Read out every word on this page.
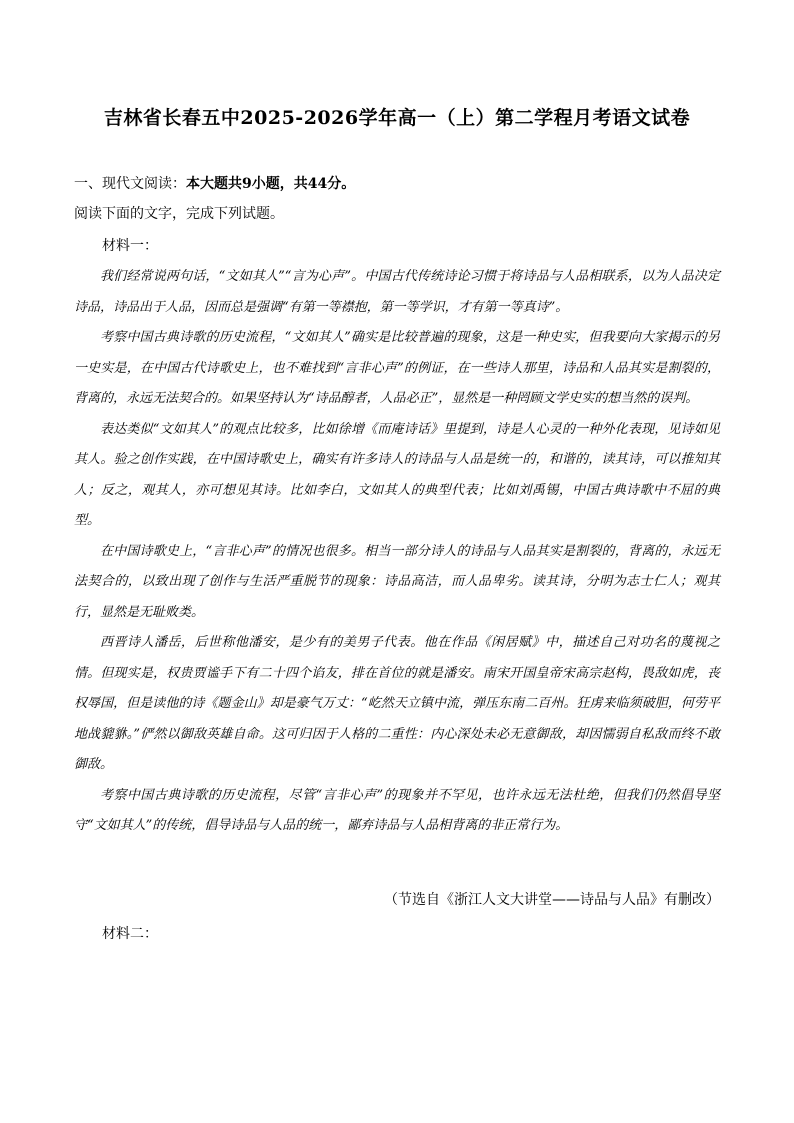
吉林省长春五中2025-2026学年高一（上）第二学程月考语文试卷
一、现代文阅读：本大题共9小题，共44分。
阅读下面的文字，完成下列试题。
材料一：

我们经常说两句话，“文如其人”“言为心声”。中国古代传统诗论习惯于将诗品与人品相联系，以为人品决定诗品，诗品出于人品，因而总是强调“有第一等襟抱，第一等学识，才有第一等真诗”。

考察中国古典诗歌的历史流程，“文如其人”确实是比较普遍的现象，这是一种史实，但我要向大家揭示的另一史实是，在中国古代诗歌史上，也不难找到“言非心声”的例证，在一些诗人那里，诗品和人品其实是割裂的，背离的，永远无法契合的。如果坚持认为“诗品醇者，人品必正”，显然是一种罔顾文学史实的想当然的误判。

表达类似“文如其人”的观点比较多，比如徐增《而庵诗话》里提到，诗是人心灵的一种外化表现，见诗如见其人。验之创作实践，在中国诗歌史上，确实有许多诗人的诗品与人品是统一的，和谐的，读其诗，可以推知其人；反之，观其人，亦可想见其诗。比如李白，文如其人的典型代表；比如刘禹锡，中国古典诗歌中不屈的典型。

在中国诗歌史上，“言非心声”的情况也很多。相当一部分诗人的诗品与人品其实是割裂的，背离的，永远无法契合的，以致出现了创作与生活严重脱节的现象：诗品高洁，而人品卑劣。读其诗，分明为志士仁人；观其行，显然是无耻败类。

西晋诗人潘岳，后世称他潘安，是少有的美男子代表。他在作品《闲居赋》中，描述自己对功名的蔑视之情。但现实是，权贵贾谧手下有二十四个谄友，排在首位的就是潘安。南宋开国皇帝宋高宗赵构，畏敌如虎，丧权辱国，但是读他的诗《题金山》却是豪气万丈：“屹然天立镇中流，弹压东南二百州。狂虏来临须破胆，何劳平地战貔貅。”俨然以御敌英雄自命。这可归因于人格的二重性：内心深处未必无意御敌，却因懦弱自私敌而终不敢御敌。

考察中国古典诗歌的历史流程，尽管“言非心声”的现象并不罕见，也许永远无法杜绝，但我们仍然倡导坚守“文如其人”的传统，倡导诗品与人品的统一，鄙弃诗品与人品相背离的非正常行为。

（节选自《浙江人文大讲堂——诗品与人品》有删改）
材料二：
